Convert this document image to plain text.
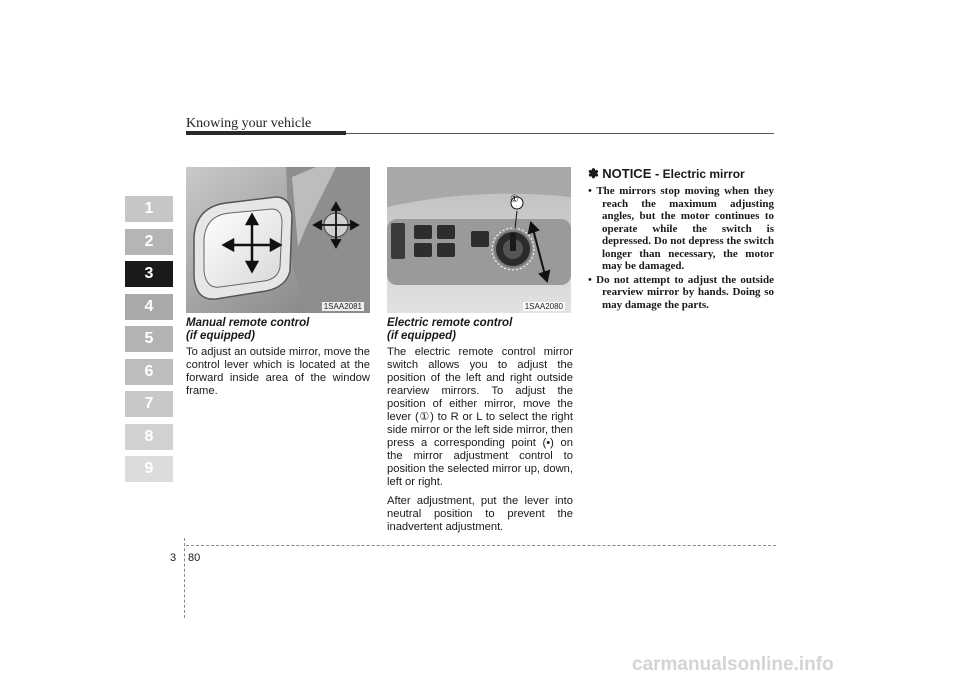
Knowing your vehicle
1
2
3
4
5
6
7
8
9
1SAA2081
①
1SAA2080
Manual remote control
(if equipped)

To adjust an outside mirror, move the control lever which is located at the forward inside area of the window frame.

Electric remote control
(if equipped)

The electric remote control mirror switch allows you to adjust the position of the left and right outside rearview mirrors. To adjust the position of either mirror, move the lever (①) to R or L to select the right side mirror or the left side mirror, then press a corresponding point (•) on the mirror adjustment control to position the selected mirror up, down, left or right.

After adjustment, put the lever into neutral position to prevent the inadvertent adjustment.

✽ NOTICE - Electric mirror
• The mirrors stop moving when they reach the maximum adjusting angles, but the motor continues to operate while the switch is depressed. Do not depress the switch longer than necessary, the motor may be damaged.
• Do not attempt to adjust the outside rearview mirror by hands. Doing so may damage the parts.
3 80
carmanualsonline.info
